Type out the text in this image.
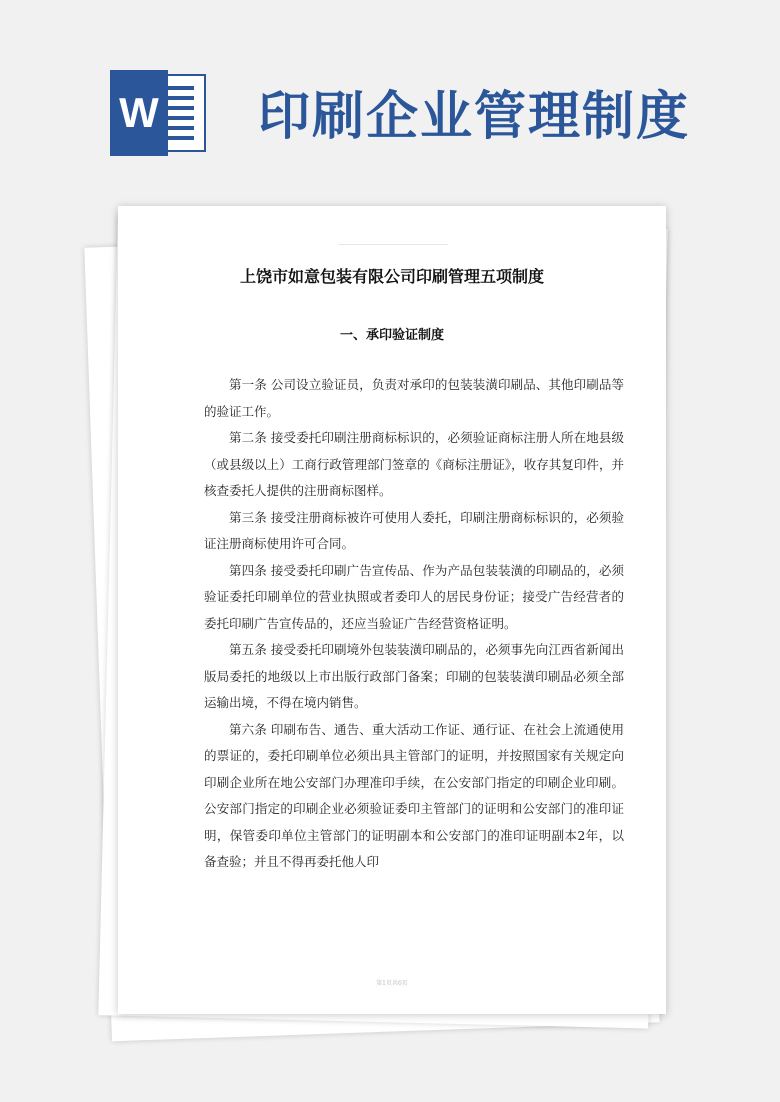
W 印刷企业管理制度
上饶市如意包装有限公司印刷管理五项制度
一、承印验证制度

第一条 公司设立验证员，负责对承印的包装装潢印刷品、其他印刷品等的验证工作。

第二条 接受委托印刷注册商标标识的，必须验证商标注册人所在地县级（或县级以上）工商行政管理部门签章的《商标注册证》，收存其复印件，并核查委托人提供的注册商标图样。

第三条 接受注册商标被许可使用人委托，印刷注册商标标识的，必须验证注册商标使用许可合同。

第四条 接受委托印刷广告宣传品、作为产品包装装潢的印刷品的，必须验证委托印刷单位的营业执照或者委印人的居民身份证；接受广告经营者的委托印刷广告宣传品的，还应当验证广告经营资格证明。

第五条 接受委托印刷境外包装装潢印刷品的，必须事先向江西省新闻出版局委托的地级以上市出版行政部门备案；印刷的包装装潢印刷品必须全部运输出境，不得在境内销售。

第六条 印刷布告、通告、重大活动工作证、通行证、在社会上流通使用的票证的，委托印刷单位必须出具主管部门的证明，并按照国家有关规定向印刷企业所在地公安部门办理准印手续，在公安部门指定的印刷企业印刷。公安部门指定的印刷企业必须验证委印主管部门的证明和公安部门的准印证明，保管委印单位主管部门的证明副本和公安部门的准印证明副本2年，以备查验；并且不得再委托他人印

第1页共6页
